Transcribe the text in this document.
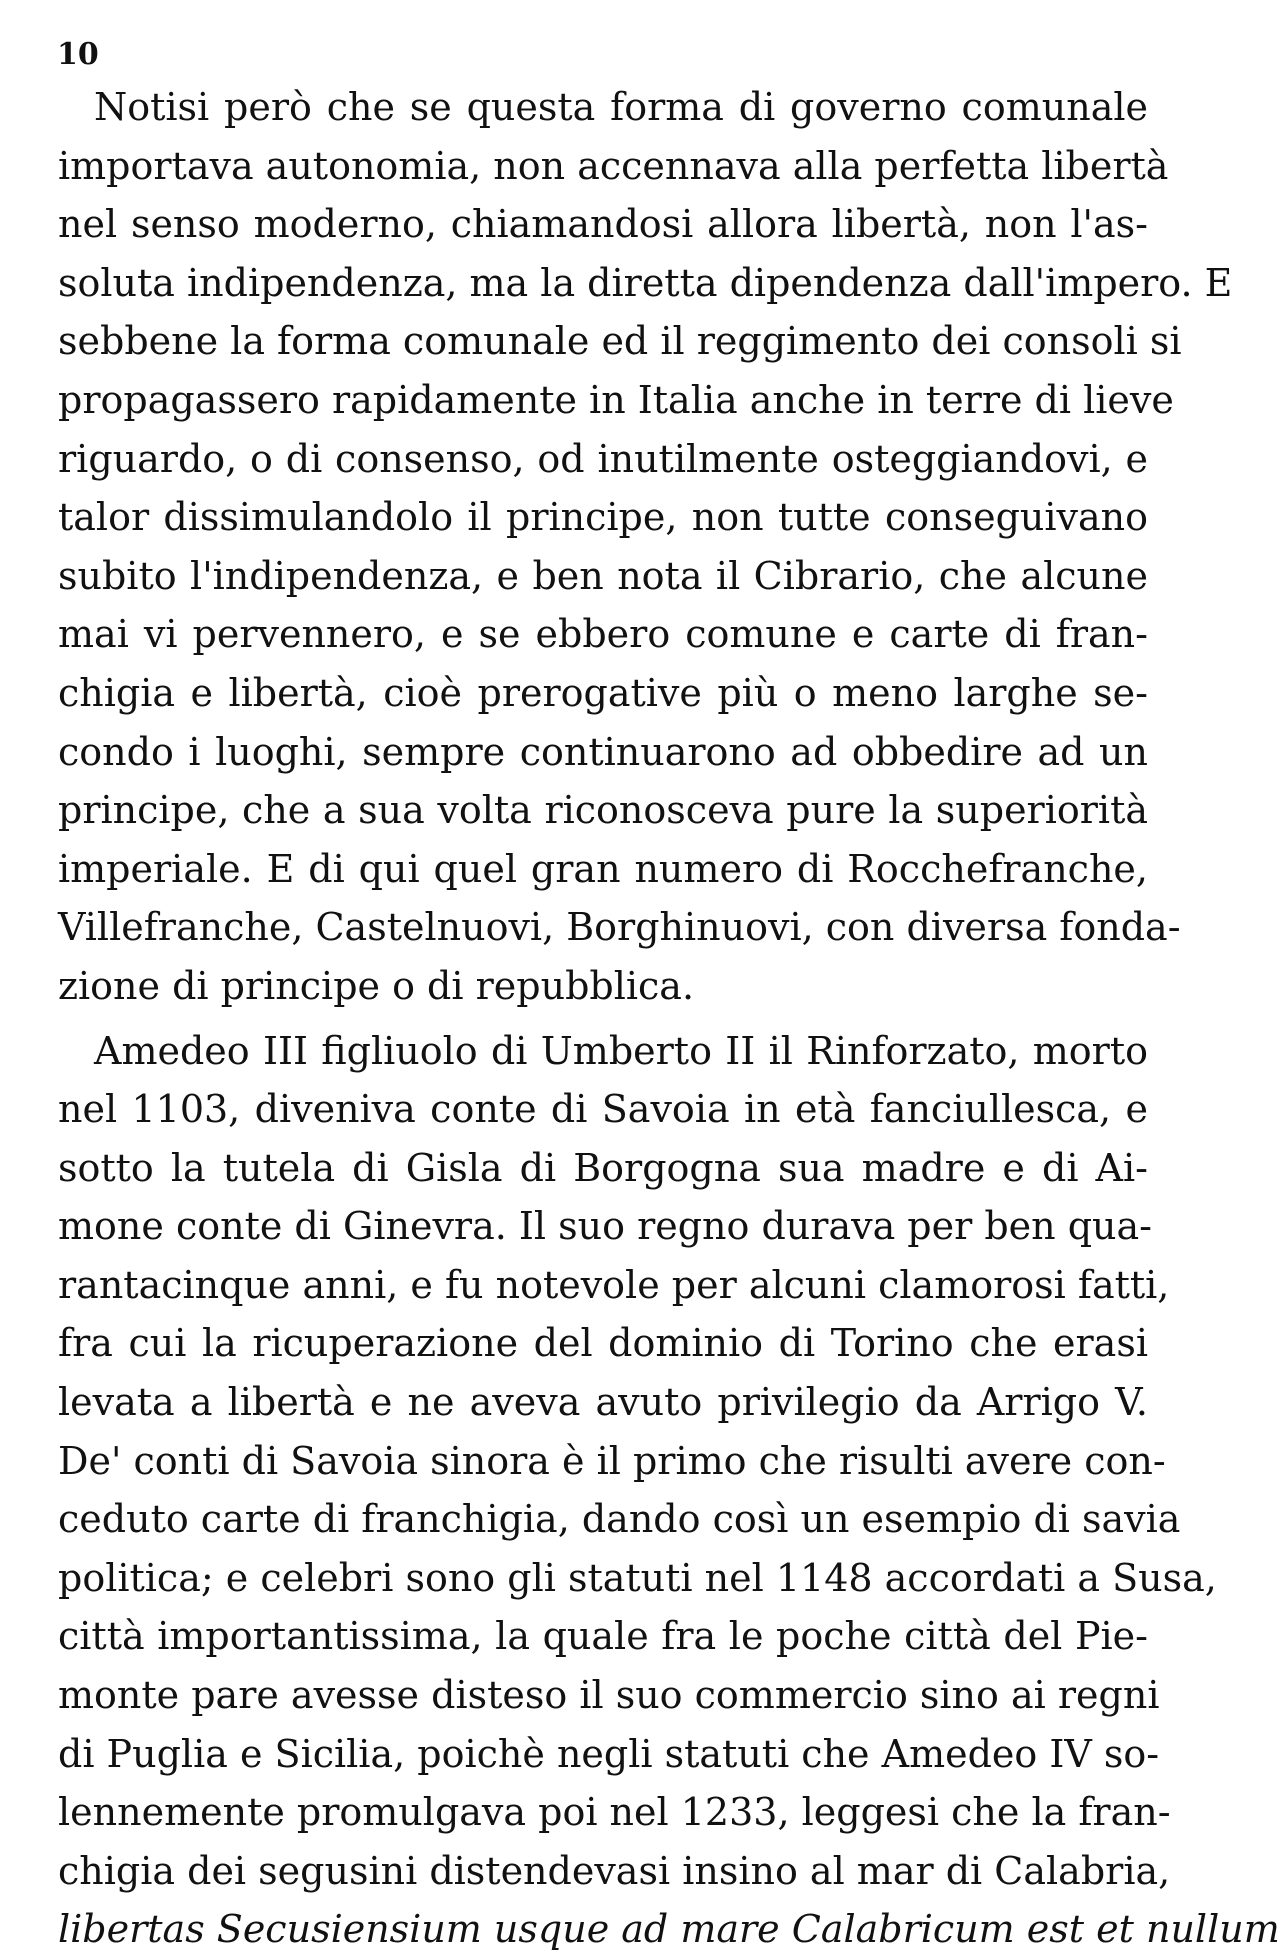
10
Notisi però che se questa forma di governo comunale
importava autonomia, non accennava alla perfetta libertà
nel senso moderno, chiamandosi allora libertà, non l'as-
soluta indipendenza, ma la diretta dipendenza dall'impero. E
sebbene la forma comunale ed il reggimento dei consoli si
propagassero rapidamente in Italia anche in terre di lieve
riguardo, o di consenso, od inutilmente osteggiandovi, e
talor dissimulandolo il principe, non tutte conseguivano
subito l'indipendenza, e ben nota il Cibrario, che alcune
mai vi pervennero, e se ebbero comune e carte di fran-
chigia e libertà, cioè prerogative più o meno larghe se-
condo i luoghi, sempre continuarono ad obbedire ad un
principe, che a sua volta riconosceva pure la superiorità
imperiale. E di qui quel gran numero di Rocchefranche,
Villefranche, Castelnuovi, Borghinuovi, con diversa fonda-
zione di principe o di repubblica.
Amedeo III figliuolo di Umberto II il Rinforzato, morto
nel 1103, diveniva conte di Savoia in età fanciullesca, e
sotto la tutela di Gisla di Borgogna sua madre e di Ai-
mone conte di Ginevra. Il suo regno durava per ben qua-
rantacinque anni, e fu notevole per alcuni clamorosi fatti,
fra cui la ricuperazione del dominio di Torino che erasi
levata a libertà e ne aveva avuto privilegio da Arrigo V.
De' conti di Savoia sinora è il primo che risulti avere con-
ceduto carte di franchigia, dando così un esempio di savia
politica; e celebri sono gli statuti nel 1148 accordati a Susa,
città importantissima, la quale fra le poche città del Pie-
monte pare avesse disteso il suo commercio sino ai regni
di Puglia e Sicilia, poichè negli statuti che Amedeo IV so-
lennemente promulgava poi nel 1233, leggesi che la fran-
chigia dei segusini distendevasi insino al mar di Calabria,
libertas Secusiensium usque ad mare Calabricum est et nullum
